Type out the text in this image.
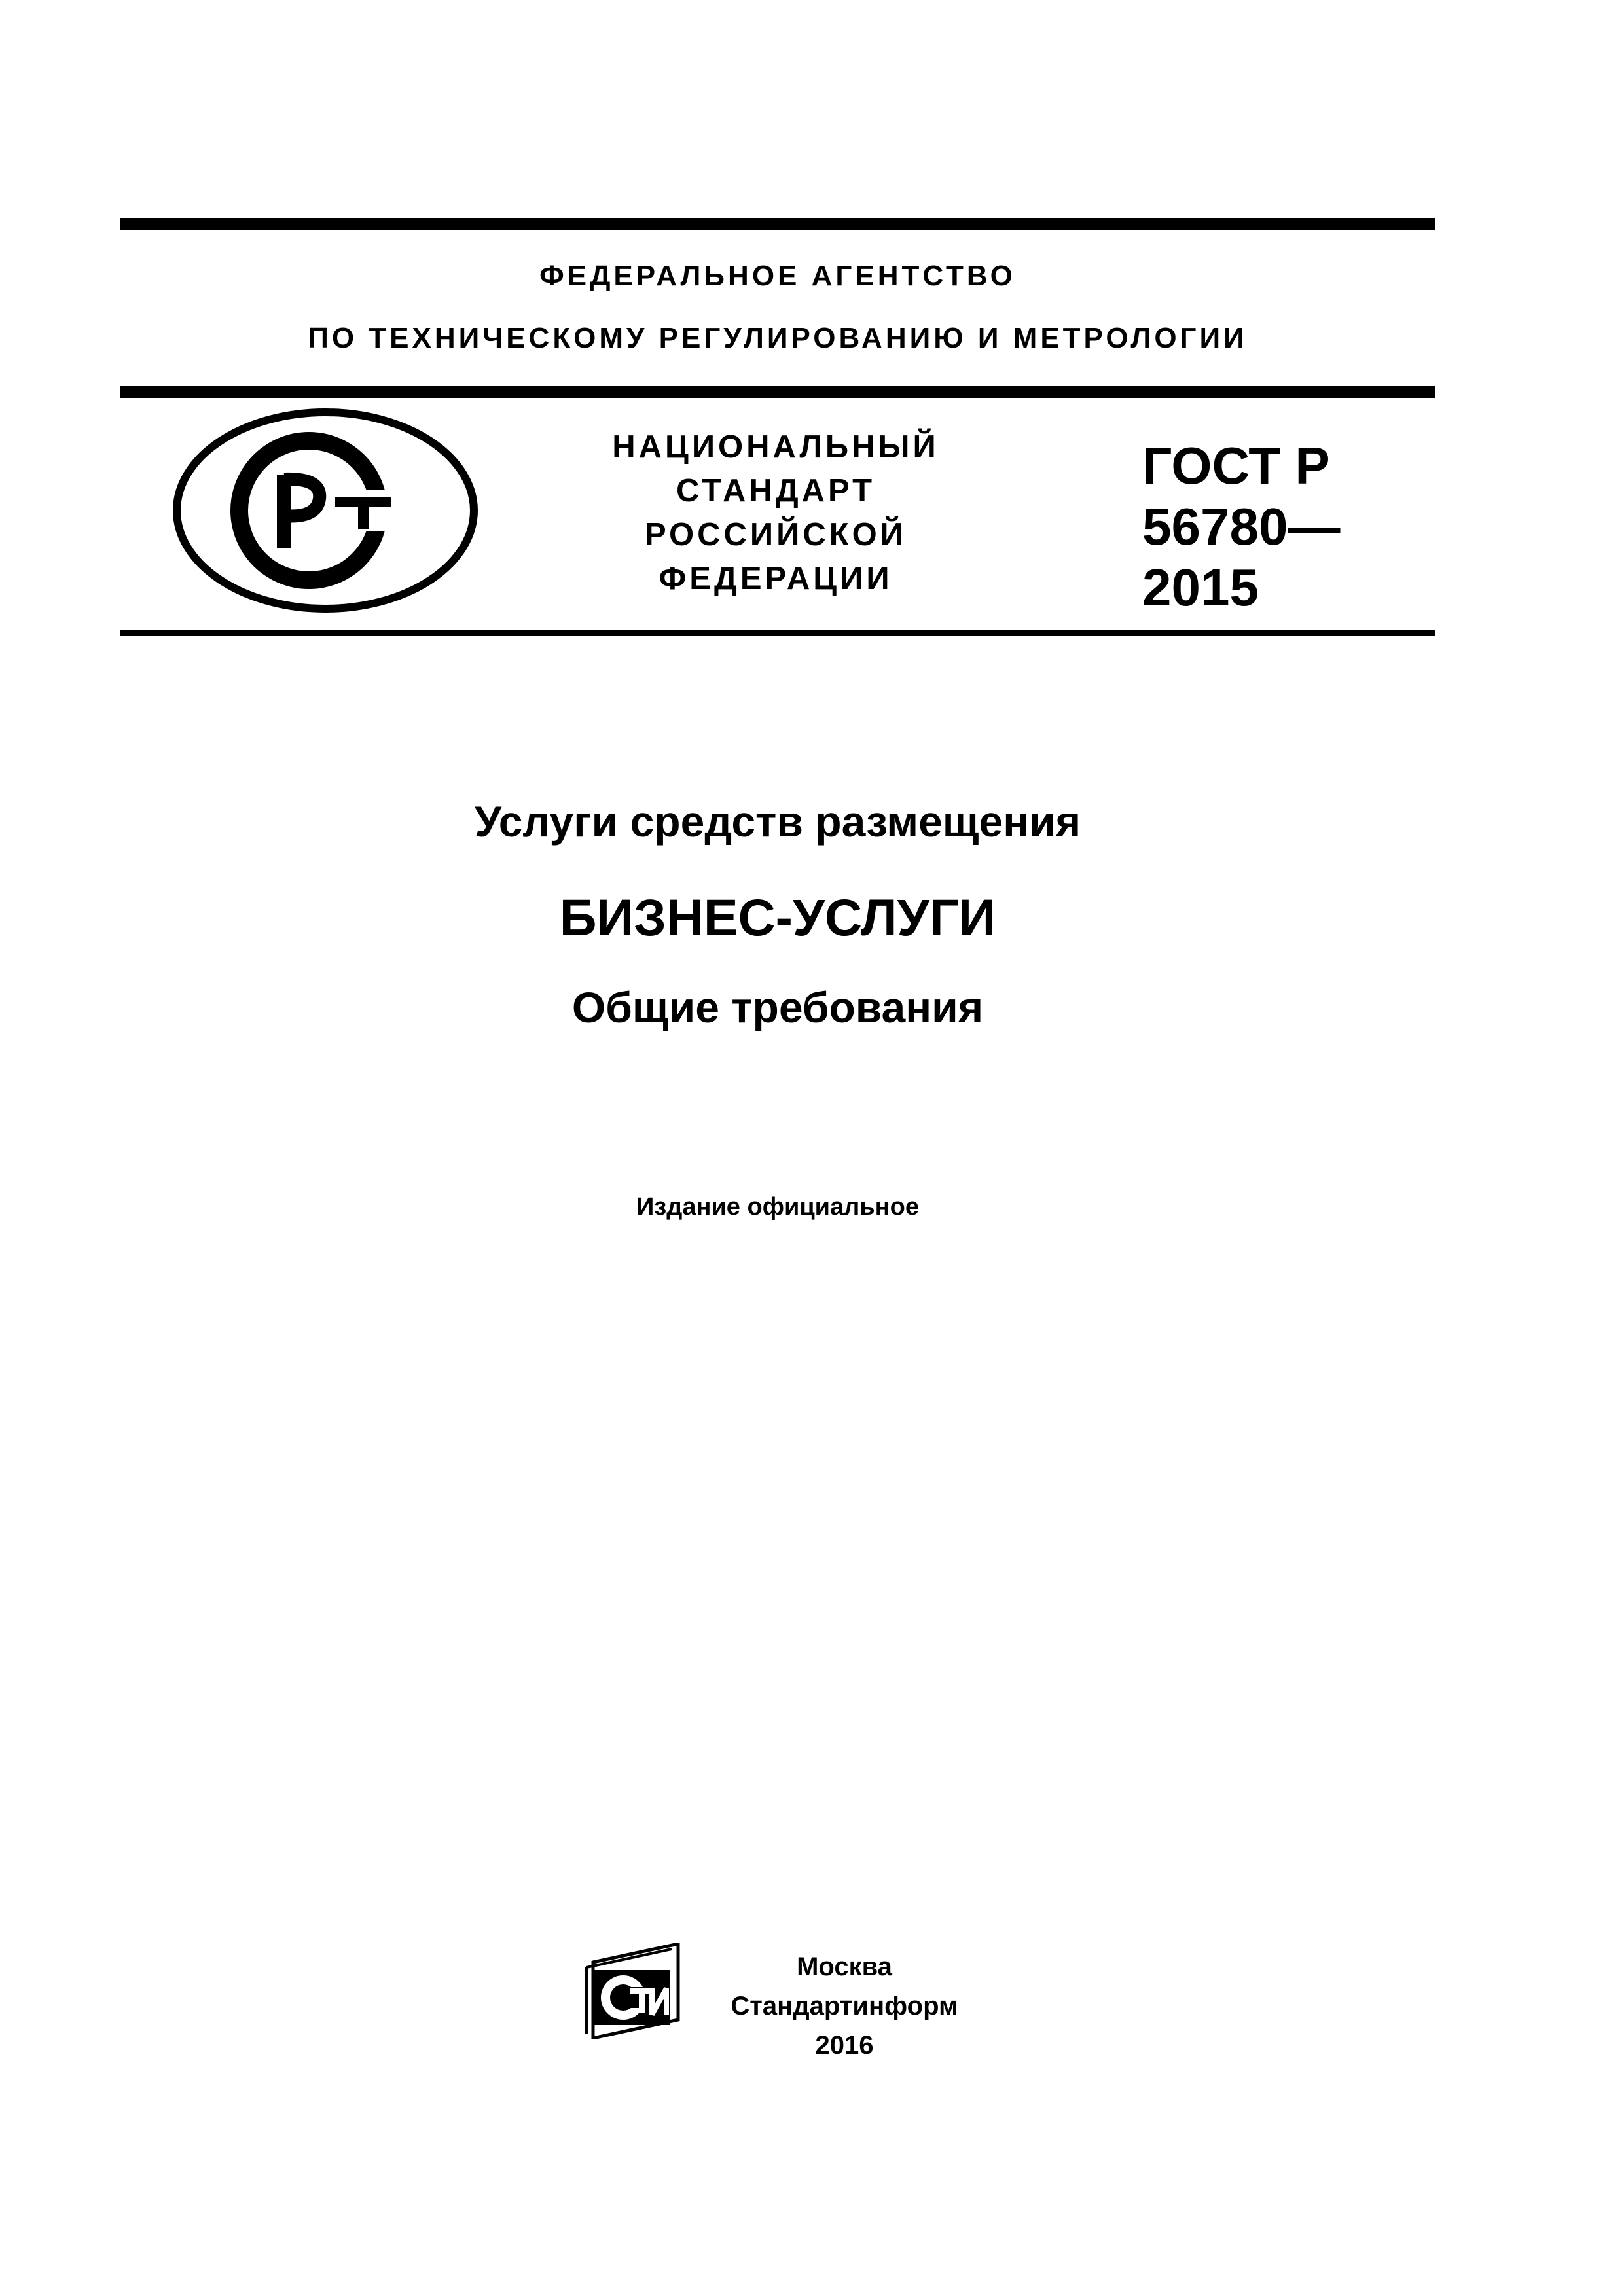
ФЕДЕРАЛЬНОЕ АГЕНТСТВО
ПО ТЕХНИЧЕСКОМУ РЕГУЛИРОВАНИЮ И МЕТРОЛОГИИ
НАЦИОНАЛЬНЫЙ
СТАНДАРТ
РОССИЙСКОЙ
ФЕДЕРАЦИИ
ГОСТ Р
56780—
2015
Услуги средств размещения
БИЗНЕС-УСЛУГИ
Общие требования
Издание официальное
Москва
Стандартинформ
2016
